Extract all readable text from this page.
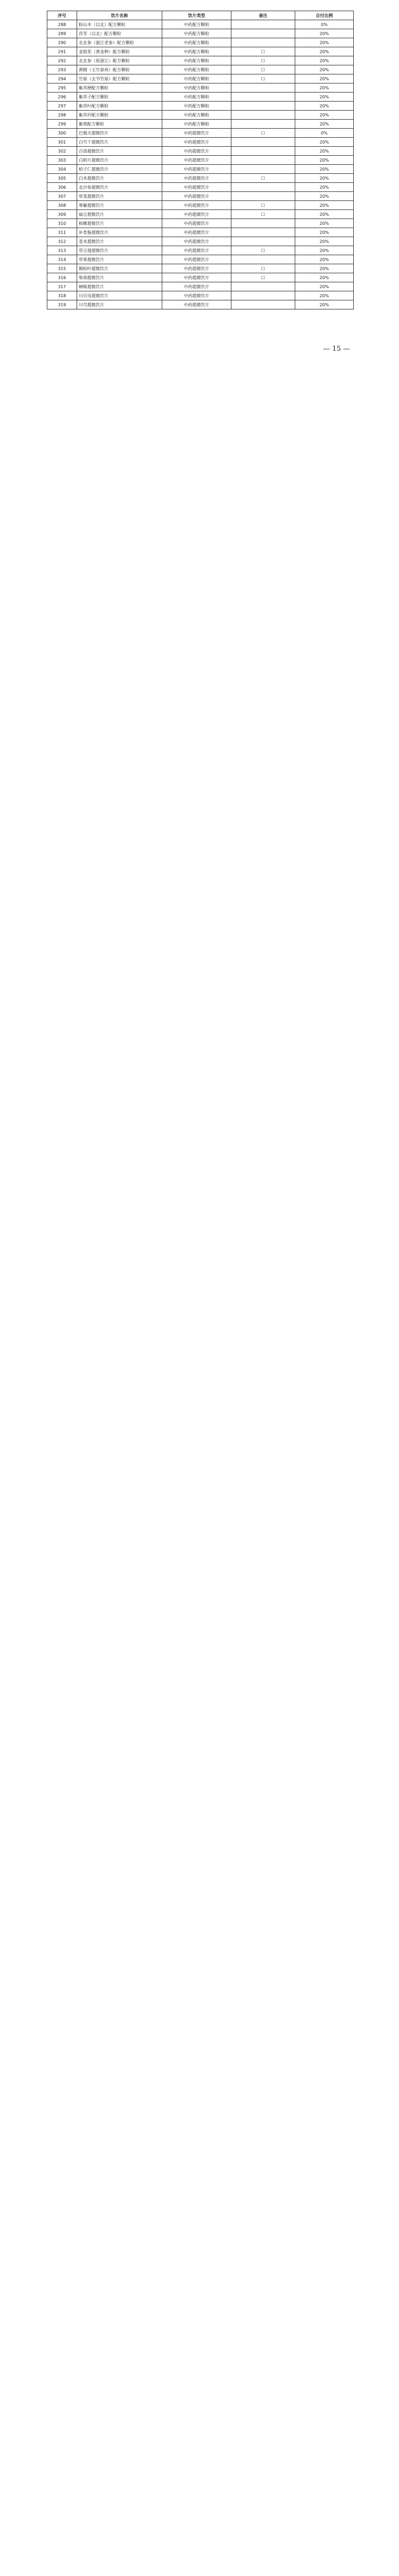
序号	饮片名称	饮片类型	备注	自付比例
288	粉山木（以北）配方颗粒	中药配方颗粒		0%
289	茯苓（以北）配方颗粒	中药配方颗粒		20%
290	北玄参（浙江老参）配方颗粒	中药配方颗粒		20%
291	金银花（黄金种）配方颗粒	中药配方颗粒	☐	20%
292	北玄参（原浙江）配方颗粒	中药配方颗粒	☐	20%
293	黄精（玉竹泰州）配方颗粒	中药配方颗粒	☐	20%
294	竹茹（去节竹茹）配方颗粒	中药配方颗粒	☐	20%
295	紫苏梗配方颗粒	中药配方颗粒		20%
296	紫苏子配方颗粒	中药配方颗粒		20%
297	紫苏叶配方颗粒	中药配方颗粒		20%
298	紫苏杆配方颗粒	中药配方颗粒		20%
299	紫菀配方颗粒	中药配方颗粒		20%
300	巴戟天超微饮片	中药超微饮片	☐	0%
301	白芍干超微饮片	中药超微饮片		20%
302	百部超微饮片	中药超微饮片		20%
303	白附片超微饮片	中药超微饮片		20%
304	柏子仁超微饮片	中药超微饮片		20%
305	白术超微饮片	中药超微饮片	☐	20%
306	北沙参超微饮片	中药超微饮片		20%
307	荜茇超微饮片	中药超微饮片		20%
308	萆薢超微饮片	中药超微饮片	☐	20%
309	扁豆超微饮片	中药超微饮片	☐	20%
310	槟榔超微饮片	中药超微饮片		20%
311	补骨脂超微饮片	中药超微饮片		20%
312	苍术超微饮片	中药超微饮片		20%
313	草豆蔻超微饮片	中药超微饮片	☐	20%
314	草果超微饮片	中药超微饮片		20%
315	侧柏叶超微饮片	中药超微饮片	☐	20%
316	柴胡超微饮片	中药超微饮片	☐	20%
317	蝉蜕超微饮片	中药超微饮片		20%
318	川贝母超微饮片	中药超微饮片		20%
319	川芎超微饮片	中药超微饮片		20%
— 15 —
